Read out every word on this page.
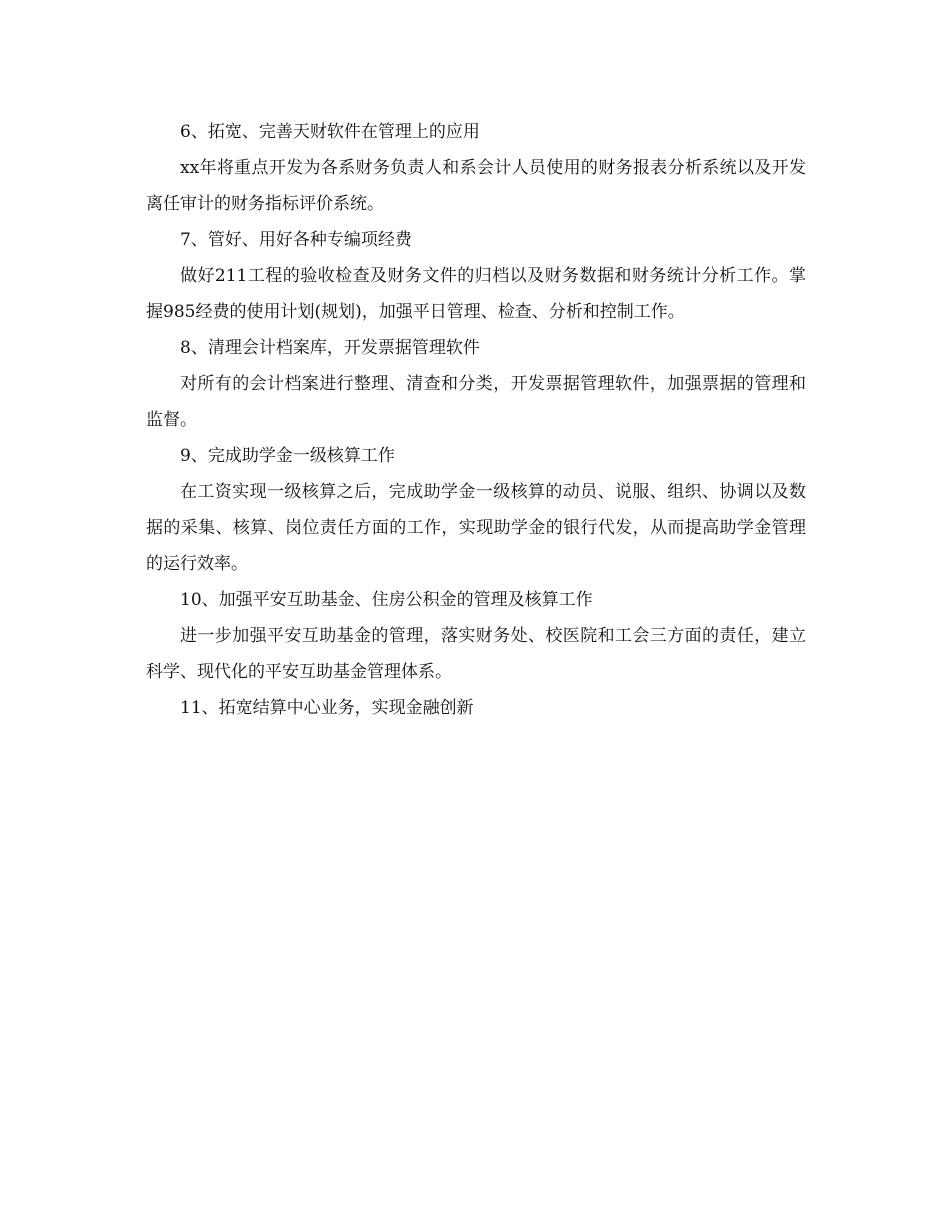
6、拓宽、完善天财软件在管理上的应用

xx年将重点开发为各系财务负责人和系会计人员使用的财务报表分析系统以及开发离任审计的财务指标评价系统。

7、管好、用好各种专编项经费

做好211工程的验收检查及财务文件的归档以及财务数据和财务统计分析工作。掌握985经费的使用计划(规划)，加强平日管理、检查、分析和控制工作。

8、清理会计档案库，开发票据管理软件

对所有的会计档案进行整理、清查和分类，开发票据管理软件，加强票据的管理和监督。

9、完成助学金一级核算工作

在工资实现一级核算之后，完成助学金一级核算的动员、说服、组织、协调以及数据的采集、核算、岗位责任方面的工作，实现助学金的银行代发，从而提高助学金管理的运行效率。

10、加强平安互助基金、住房公积金的管理及核算工作

进一步加强平安互助基金的管理，落实财务处、校医院和工会三方面的责任，建立科学、现代化的平安互助基金管理体系。

11、拓宽结算中心业务，实现金融创新
